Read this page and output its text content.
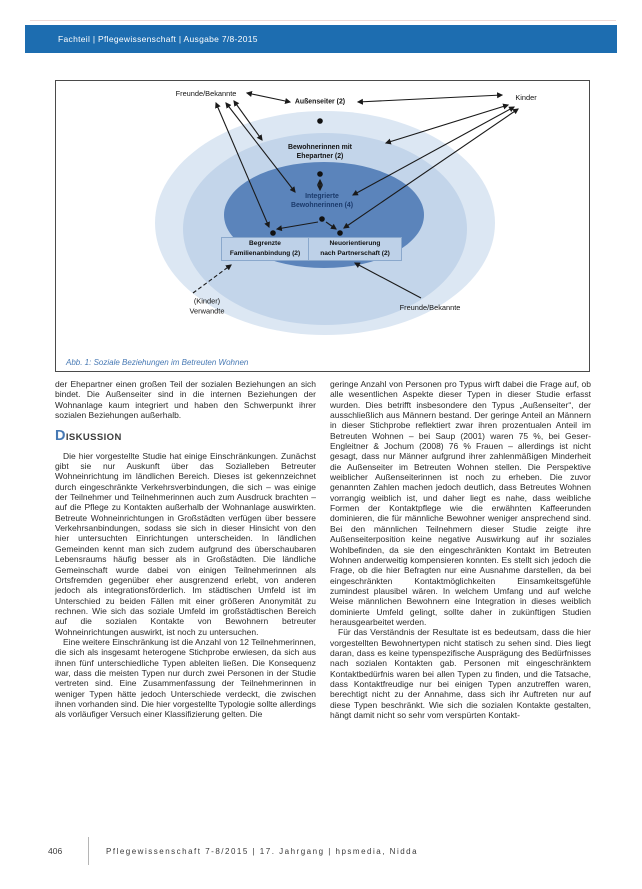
Fachteil | Pflegewissenschaft | Ausgabe 7/8-2015
Freunde/Bekannte	Kinder
Außenseiter (2)
Bewohnerinnen mit
Ehepartner (2)
Integrierte
Bewohnerinnen (4)
Begrenzte
Familienanbindung (2)
Neuorientierung
nach Partnerschaft (2)
(Kinder)
Verwandte	Freunde/Bekannte
Abb. 1: Soziale Beziehungen im Betreuten Wohnen

der Ehepartner einen großen Teil der sozialen Beziehungen an sich bindet. Die Außenseiter sind in die internen Beziehungen der Wohnanlage kaum integriert und haben den Schwerpunkt ihrer sozialen Beziehungen außerhalb.

DISKUSSION

Die hier vorgestellte Studie hat einige Einschränkungen. Zunächst gibt sie nur Auskunft über das Sozialleben Betreuter Wohneinrichtung im ländlichen Bereich. Dieses ist gekennzeichnet durch eingeschränkte Verkehrsverbindungen, die sich – was einige der Teilnehmer und Teilnehmerinnen auch zum Ausdruck brachten – auf die Pflege zu Kontakten außerhalb der Wohnanlage auswirkten. Betreute Wohneinrichtungen in Großstädten verfügen über bessere Verkehrsanbindungen, sodass sie sich in dieser Hinsicht von den hier untersuchten Einrichtungen unterscheiden. In ländlichen Gemeinden kennt man sich zudem aufgrund des überschaubaren Lebensraums häufig besser als in Großstädten. Die ländliche Gemeinschaft wurde dabei von einigen Teilnehmerinnen als Ortsfremden gegenüber eher ausgrenzend erlebt, von anderen jedoch als integrationsförderlich. Im städtischen Umfeld ist im Unterschied zu beiden Fällen mit einer größeren Anonymität zu rechnen. Wie sich das soziale Umfeld im großstädtischen Bereich auf die sozialen Kontakte von Bewohnern betreuter Wohneinrichtungen auswirkt, ist noch zu untersuchen.

Eine weitere Einschränkung ist die Anzahl von 12 Teilnehmerinnen, die sich als insgesamt heterogene Stichprobe erwiesen, da sich aus ihnen fünf unterschiedliche Typen ableiten ließen. Die Konsequenz war, dass die meisten Typen nur durch zwei Personen in der Studie vertreten sind. Eine Zusammenfassung der Teilnehmerinnen in weniger Typen hätte jedoch Unterschiede verdeckt, die zwischen ihnen vorhanden sind. Die hier vorgestellte Typologie sollte allerdings als vorläufiger Versuch einer Klassifizierung gelten. Die

geringe Anzahl von Personen pro Typus wirft dabei die Frage auf, ob alle wesentlichen Aspekte dieser Typen in dieser Studie erfasst wurden. Dies betrifft insbesondere den Typus „Außenseiter“, der ausschließlich aus Männern bestand. Der geringe Anteil an Männern in dieser Stichprobe reflektiert zwar ihren prozentualen Anteil im Betreuten Wohnen – bei Saup (2001) waren 75 %, bei Geser-Engleitner & Jochum (2008) 76 % Frauen – allerdings ist nicht gesagt, dass nur Männer aufgrund ihrer zahlenmäßigen Minderheit die Außenseiter im Betreuten Wohnen stellen. Die Perspektive weiblicher Außenseiterinnen ist noch zu erheben. Die zuvor genannten Zahlen machen jedoch deutlich, dass Betreutes Wohnen vorrangig weiblich ist, und daher liegt es nahe, dass weibliche Formen der Kontaktpflege wie die erwähnten Kaffeerunden dominieren, die für männliche Bewohner weniger ansprechend sind. Bei den männlichen Teilnehmern dieser Studie zeigte ihre Außenseiterposition keine negative Auswirkung auf ihr soziales Wohlbefinden, da sie den eingeschränkten Kontakt im Betreuten Wohnen anderweitig kompensieren konnten. Es stellt sich jedoch die Frage, ob die hier Befragten nur eine Ausnahme darstellen, da bei eingeschränkten Kontaktmöglichkeiten Einsamkeitsgefühle zumindest plausibel wären. In welchem Umfang und auf welche Weise männlichen Bewohnern eine Integration in dieses weiblich dominierte Umfeld gelingt, sollte daher in zukünftigen Studien herausgearbeitet werden.

Für das Verständnis der Resultate ist es bedeutsam, dass die hier vorgestellten Bewohnertypen nicht statisch zu sehen sind. Dies liegt daran, dass es keine typenspezifische Ausprägung des Bedürfnisses nach sozialen Kontakten gab. Personen mit eingeschränktem Kontaktbedürfnis waren bei allen Typen zu finden, und die Tatsache, dass Kontaktfreudige nur bei einigen Typen anzutreffen waren, berechtigt nicht zu der Annahme, dass sich ihr Auftreten nur auf diese Typen beschränkt. Wie sich die sozialen Kontakte gestalten, hängt damit nicht so sehr vom verspürten Kontakt-

406	Pflegewissenschaft 7-8/2015 | 17. Jahrgang | hpsmedia, Nidda
